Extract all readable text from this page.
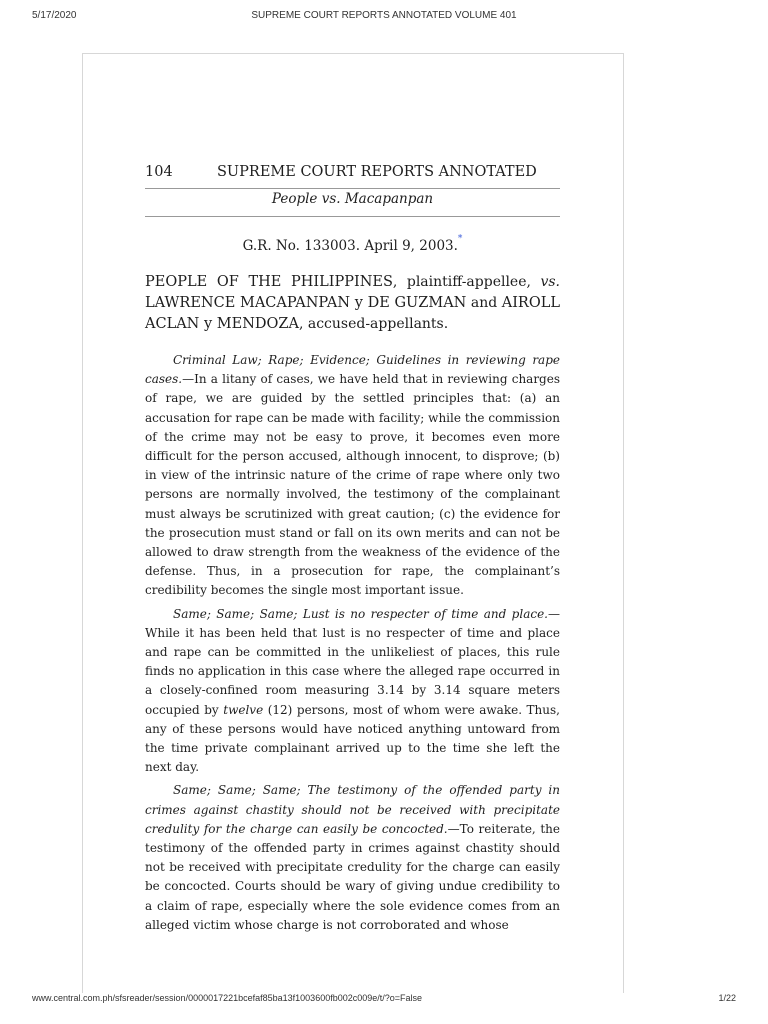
5/17/2020	SUPREME COURT REPORTS ANNOTATED VOLUME 401
104	SUPREME COURT REPORTS ANNOTATED
People vs. Macapanpan
G.R. No. 133003. April 9, 2003.*
PEOPLE OF THE PHILIPPINES, plaintiff-appellee, vs. LAWRENCE MACAPANPAN y DE GUZMAN and AIROLL ACLAN y MENDOZA, accused-appellants.

Criminal Law; Rape; Evidence; Guidelines in reviewing rape cases.—In a litany of cases, we have held that in reviewing charges of rape, we are guided by the settled principles that: (a) an accusation for rape can be made with facility; while the commission of the crime may not be easy to prove, it becomes even more difficult for the person accused, although innocent, to disprove; (b) in view of the intrinsic nature of the crime of rape where only two persons are normally involved, the testimony of the complainant must always be scrutinized with great caution; (c) the evidence for the prosecution must stand or fall on its own merits and can not be allowed to draw strength from the weakness of the evidence of the defense. Thus, in a prosecution for rape, the complainant’s credibility becomes the single most important issue.

Same; Same; Same; Lust is no respecter of time and place.—While it has been held that lust is no respecter of time and place and rape can be committed in the unlikeliest of places, this rule finds no application in this case where the alleged rape occurred in a closely-confined room measuring 3.14 by 3.14 square meters occupied by twelve (12) persons, most of whom were awake. Thus, any of these persons would have noticed anything untoward from the time private complainant arrived up to the time she left the next day.

Same; Same; Same; The testimony of the offended party in crimes against chastity should not be received with precipitate credulity for the charge can easily be concocted.—To reiterate, the testimony of the offended party in crimes against chastity should not be received with precipitate credulity for the charge can easily be concocted. Courts should be wary of giving undue credibility to a claim of rape, especially where the sole evidence comes from an alleged victim whose charge is not corroborated and whose

www.central.com.ph/sfsreader/session/0000017221bcefaf85ba13f1003600fb002c009e/t/?o=False	1/22
